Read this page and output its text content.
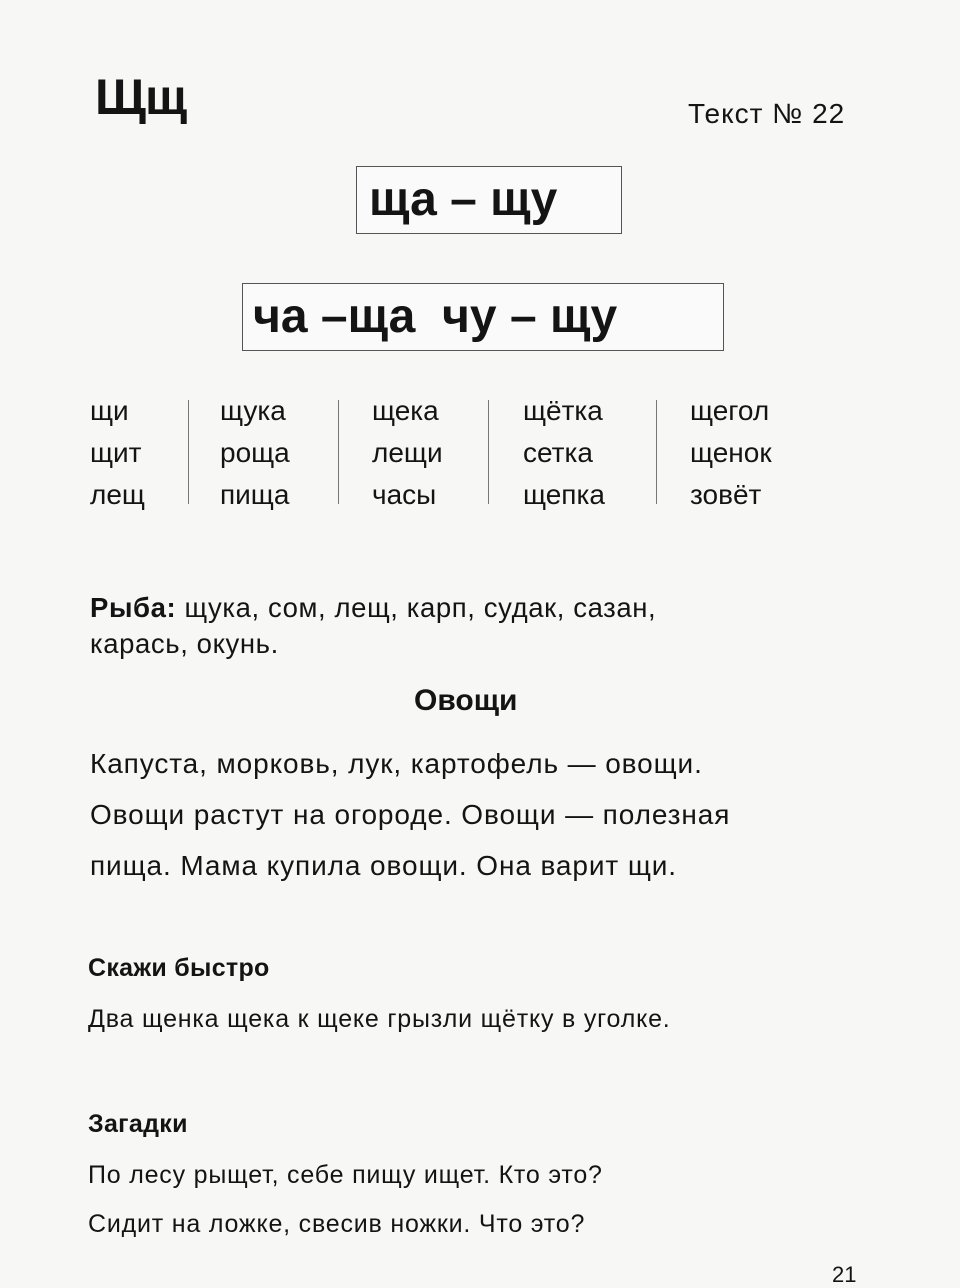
Щщ	Текст № 22
ща – щу
ча –ща  чу – щу
щи
щит
лещ
щука
роща
пища
щека
лещи
часы
щётка
сетка
щепка
щегол
щенок
зовёт
Рыба: щука, сом, лещ, карп, судак, сазан,
карась, окунь.
Овощи
Капуста, морковь, лук, картофель — овощи.
Овощи растут на огороде. Овощи — полезная
пища. Мама купила овощи. Она варит щи.
Скажи быстро
Два щенка щека к щеке грызли щётку в уголке.
Загадки
По лесу рыщет, себе пищу ищет. Кто это?
Сидит на ложке, свесив ножки. Что это?
21
